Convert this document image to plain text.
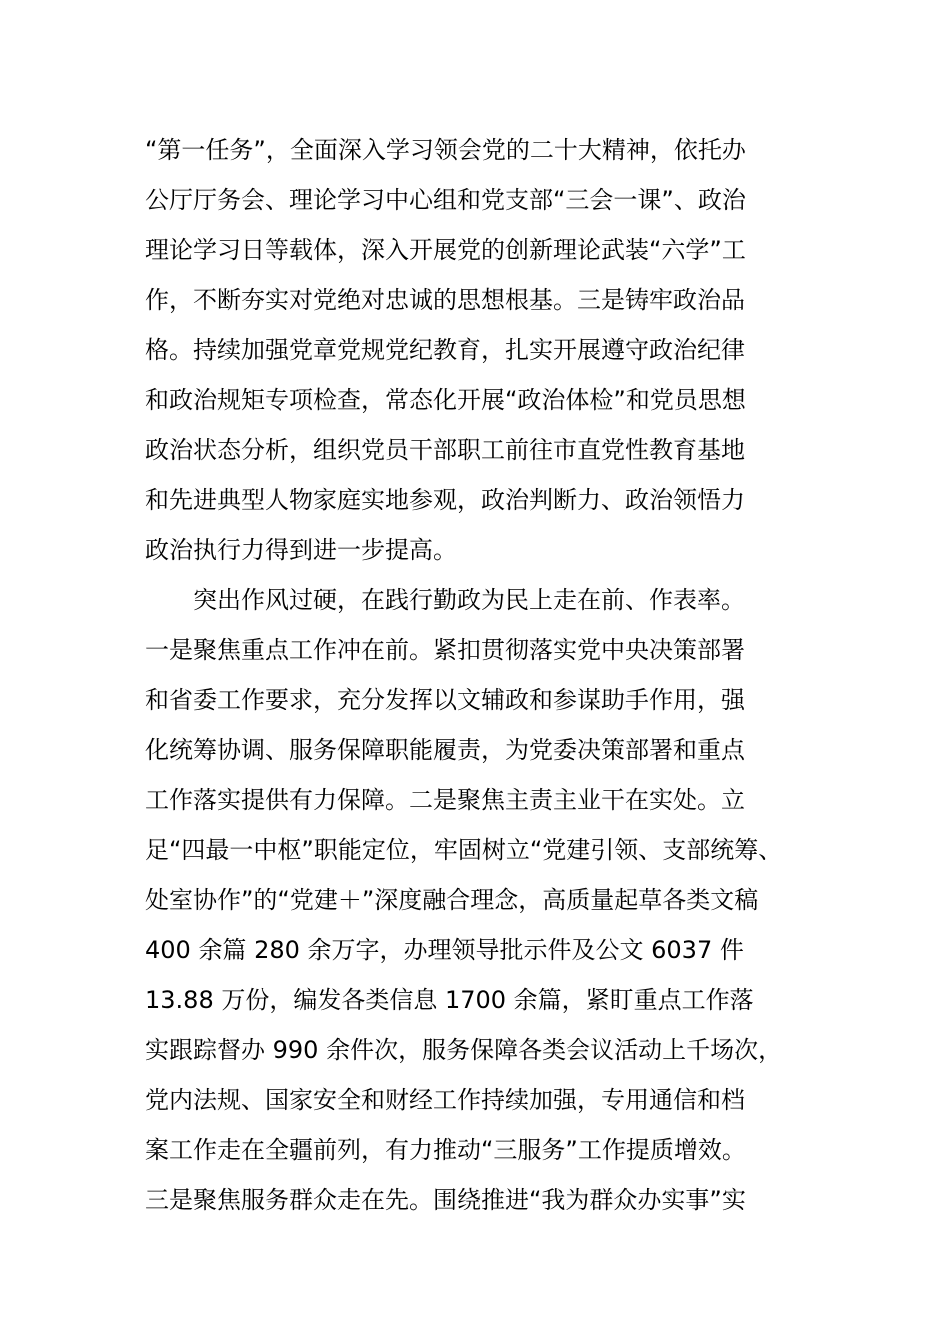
“第一任务”，全面深入学习领会党的二十大精神，依托办
公厅厅务会、理论学习中心组和党支部“三会一课”、政治
理论学习日等载体，深入开展党的创新理论武装“六学”工
作，不断夯实对党绝对忠诚的思想根基。三是铸牢政治品
格。持续加强党章党规党纪教育，扎实开展遵守政治纪律
和政治规矩专项检查，常态化开展“政治体检”和党员思想
政治状态分析，组织党员干部职工前往市直党性教育基地
和先进典型人物家庭实地参观，政治判断力、政治领悟力
政治执行力得到进一步提高。
突出作风过硬，在践行勤政为民上走在前、作表率。
一是聚焦重点工作冲在前。紧扣贯彻落实党中央决策部署
和省委工作要求，充分发挥以文辅政和参谋助手作用，强
化统筹协调、服务保障职能履责，为党委决策部署和重点
工作落实提供有力保障。二是聚焦主责主业干在实处。立
足“四最一中枢”职能定位，牢固树立“党建引领、支部统筹、
处室协作”的“党建＋”深度融合理念，高质量起草各类文稿
400 余篇 280 余万字，办理领导批示件及公文 6037 件
13.88 万份，编发各类信息 1700 余篇，紧盯重点工作落
实跟踪督办 990 余件次，服务保障各类会议活动上千场次，
党内法规、国家安全和财经工作持续加强，专用通信和档
案工作走在全疆前列，有力推动“三服务”工作提质增效。
三是聚焦服务群众走在先。围绕推进“我为群众办实事”实
